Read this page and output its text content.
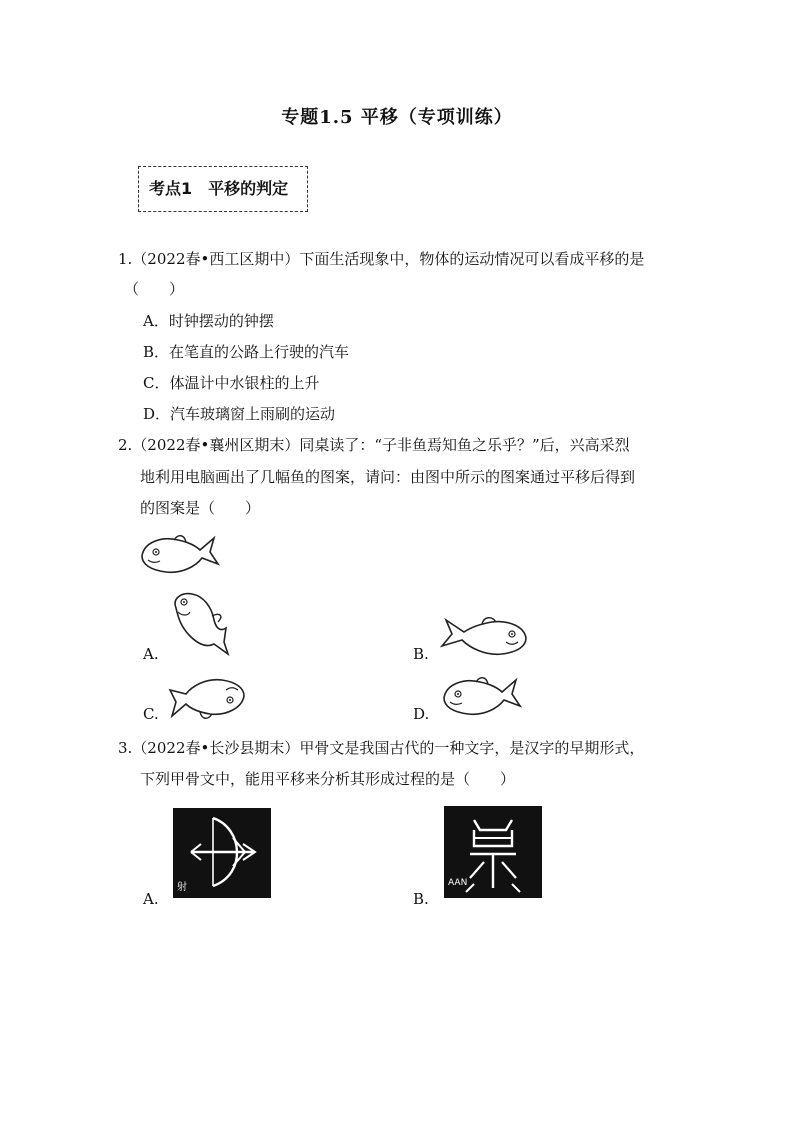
专题1.5 平移（专项训练）
考点1　平移的判定
1.（2022春•西工区期中）下面生活现象中，物体的运动情况可以看成平移的是
（　　）
A．时钟摆动的钟摆
B．在笔直的公路上行驶的汽车
C．体温计中水银柱的上升
D．汽车玻璃窗上雨刷的运动
2.（2022春•襄州区期末）同桌读了：“子非鱼焉知鱼之乐乎？”后，兴高采烈
地利用电脑画出了几幅鱼的图案，请问：由图中所示的图案通过平移后得到
的图案是（　　）
A.	B.
C.	D.
3.（2022春•长沙县期末）甲骨文是我国古代的一种文字，是汉字的早期形式，
下列甲骨文中，能用平移来分析其形成过程的是（　　）
射
A.
AAN
B.
